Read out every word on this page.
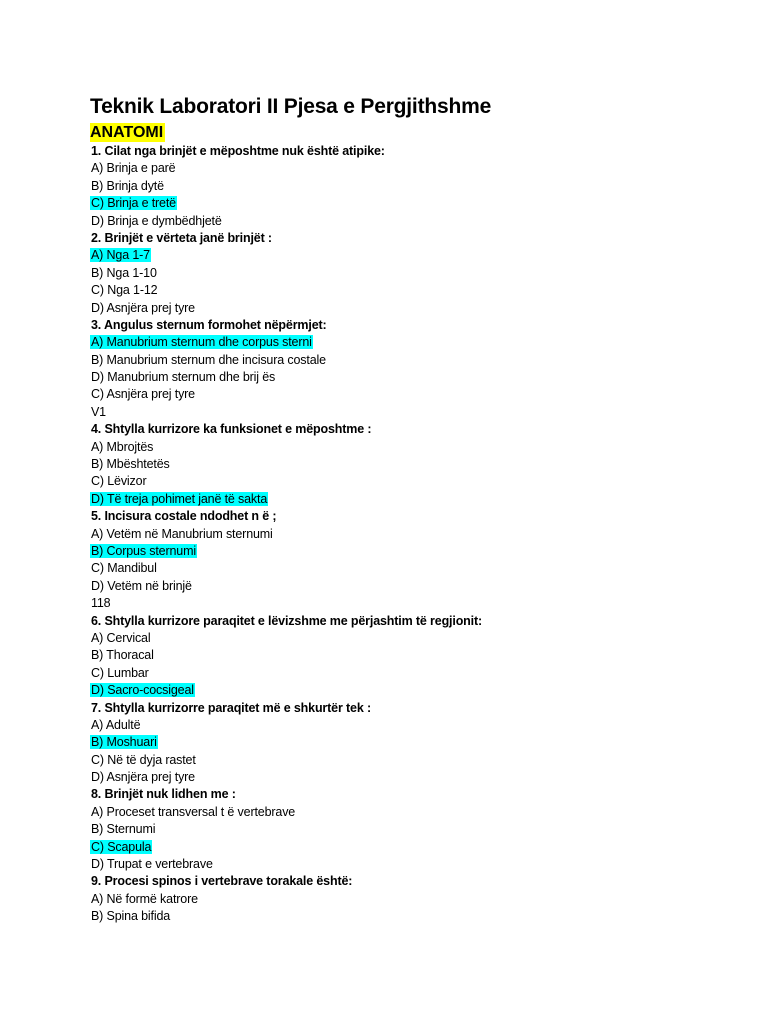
Teknik Laboratori II Pjesa e Pergjithshme
ANATOMI
1. Cilat nga brinjët e mëposhtme nuk është atipike:
A) Brinja e parë
B) Brinja dytë
C) Brinja e tretë
D) Brinja e dymbëdhjetë
2. Brinjët e vërteta janë brinjët :
A) Nga 1-7
B) Nga 1-10
C) Nga 1-12
D) Asnjëra prej tyre
3. Angulus sternum formohet nëpërmjet:
A) Manubrium sternum dhe corpus sterni
B) Manubrium sternum dhe incisura costale
D) Manubrium sternum dhe brij ës
C) Asnjëra prej tyre
V1
4. Shtylla kurrizore ka funksionet e mëposhtme :
A) Mbrojtës
B) Mbështetës
C) Lëvizor
D) Të treja pohimet janë të sakta
5. Incisura costale ndodhet n ë ;
A) Vetëm në Manubrium sternumi
B) Corpus sternumi
C) Mandibul
D) Vetëm në brinjë
118
6. Shtylla kurrizore paraqitet e lëvizshme me përjashtim të regjionit:
A) Cervical
B) Thoracal
C) Lumbar
D) Sacro-cocsigeal
7. Shtylla kurrizorre paraqitet më e shkurtër tek :
A) Adultë
B) Moshuari
C) Në të dyja rastet
D) Asnjëra prej tyre
8. Brinjët nuk lidhen me :
A) Proceset transversal t ë vertebrave
B) Sternumi
C) Scapula
D) Trupat e vertebrave
9. Procesi spinos i vertebrave torakale është:
A) Në formë katrore
B) Spina bifida
